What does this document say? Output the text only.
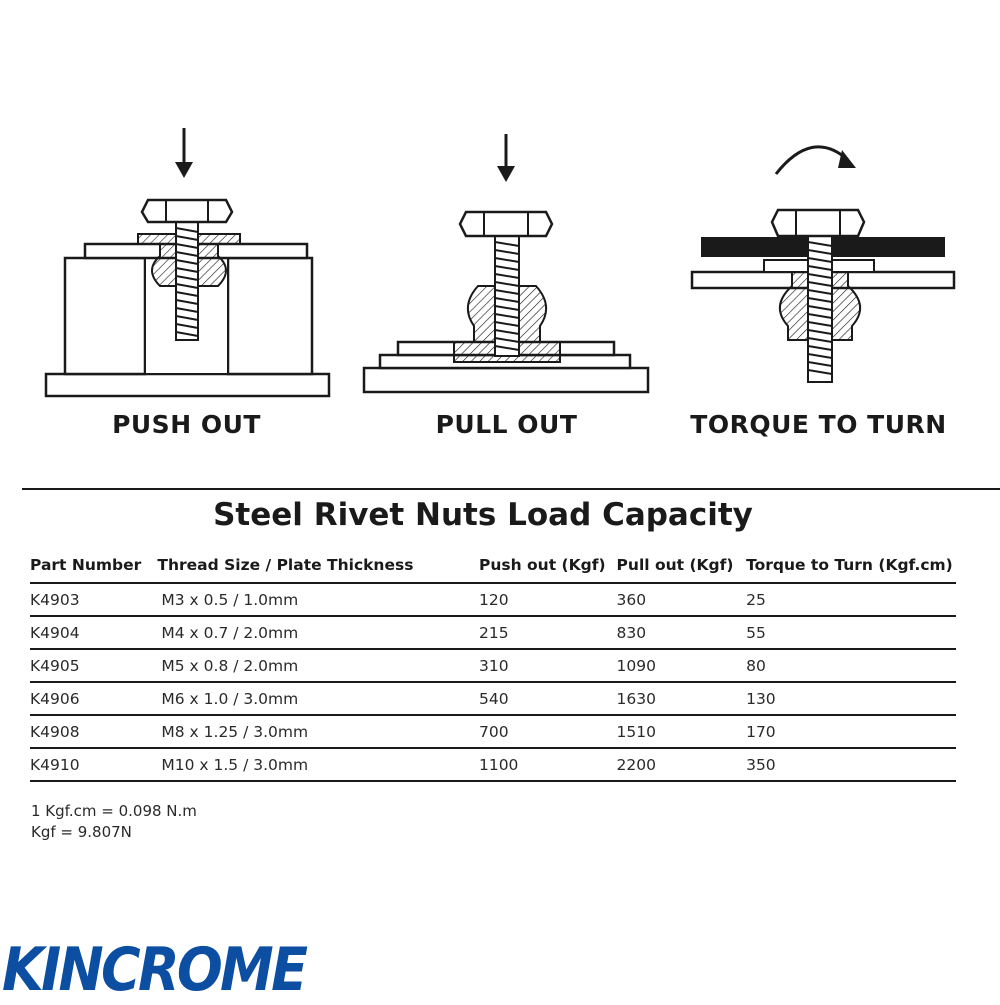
PUSH OUT	PULL OUT	TORQUE TO TURN
Steel Rivet Nuts Load Capacity
Part Number	Thread Size / Plate Thickness	Push out (Kgf)	Pull out (Kgf)	Torque to Turn (Kgf.cm)
K4903	M3 x 0.5 / 1.0mm	120	360	25
K4904	M4 x 0.7 / 2.0mm	215	830	55
K4905	M5 x 0.8 / 2.0mm	310	1090	80
K4906	M6 x 1.0 / 3.0mm	540	1630	130
K4908	M8 x 1.25 / 3.0mm	700	1510	170
K4910	M10 x 1.5 / 3.0mm	1100	2200	350
1 Kgf.cm = 0.098 N.m
Kgf = 9.807N
KINCROME
